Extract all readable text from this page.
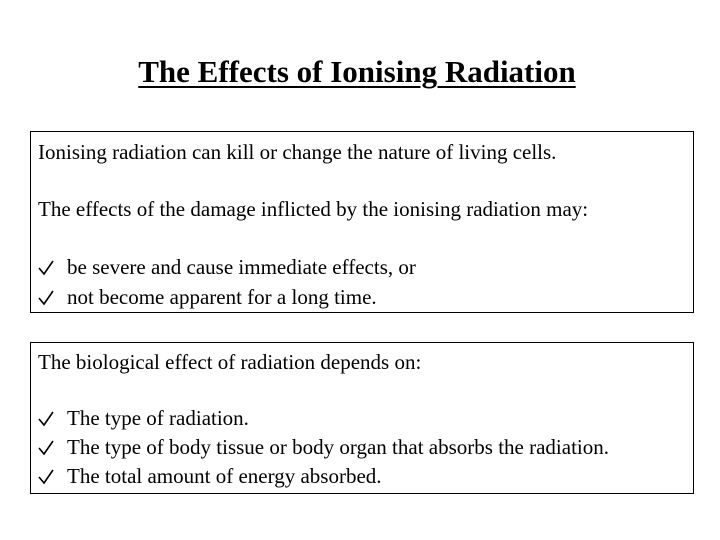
The Effects of Ionising Radiation
Ionising radiation can kill or change the nature of living cells.
The effects of the damage inflicted by the ionising radiation may:
be severe and cause immediate effects, or
not become apparent for a long time.
The biological effect of radiation depends on:
The type of radiation.
The type of body tissue or body organ that absorbs the radiation.
The total amount of energy absorbed.
